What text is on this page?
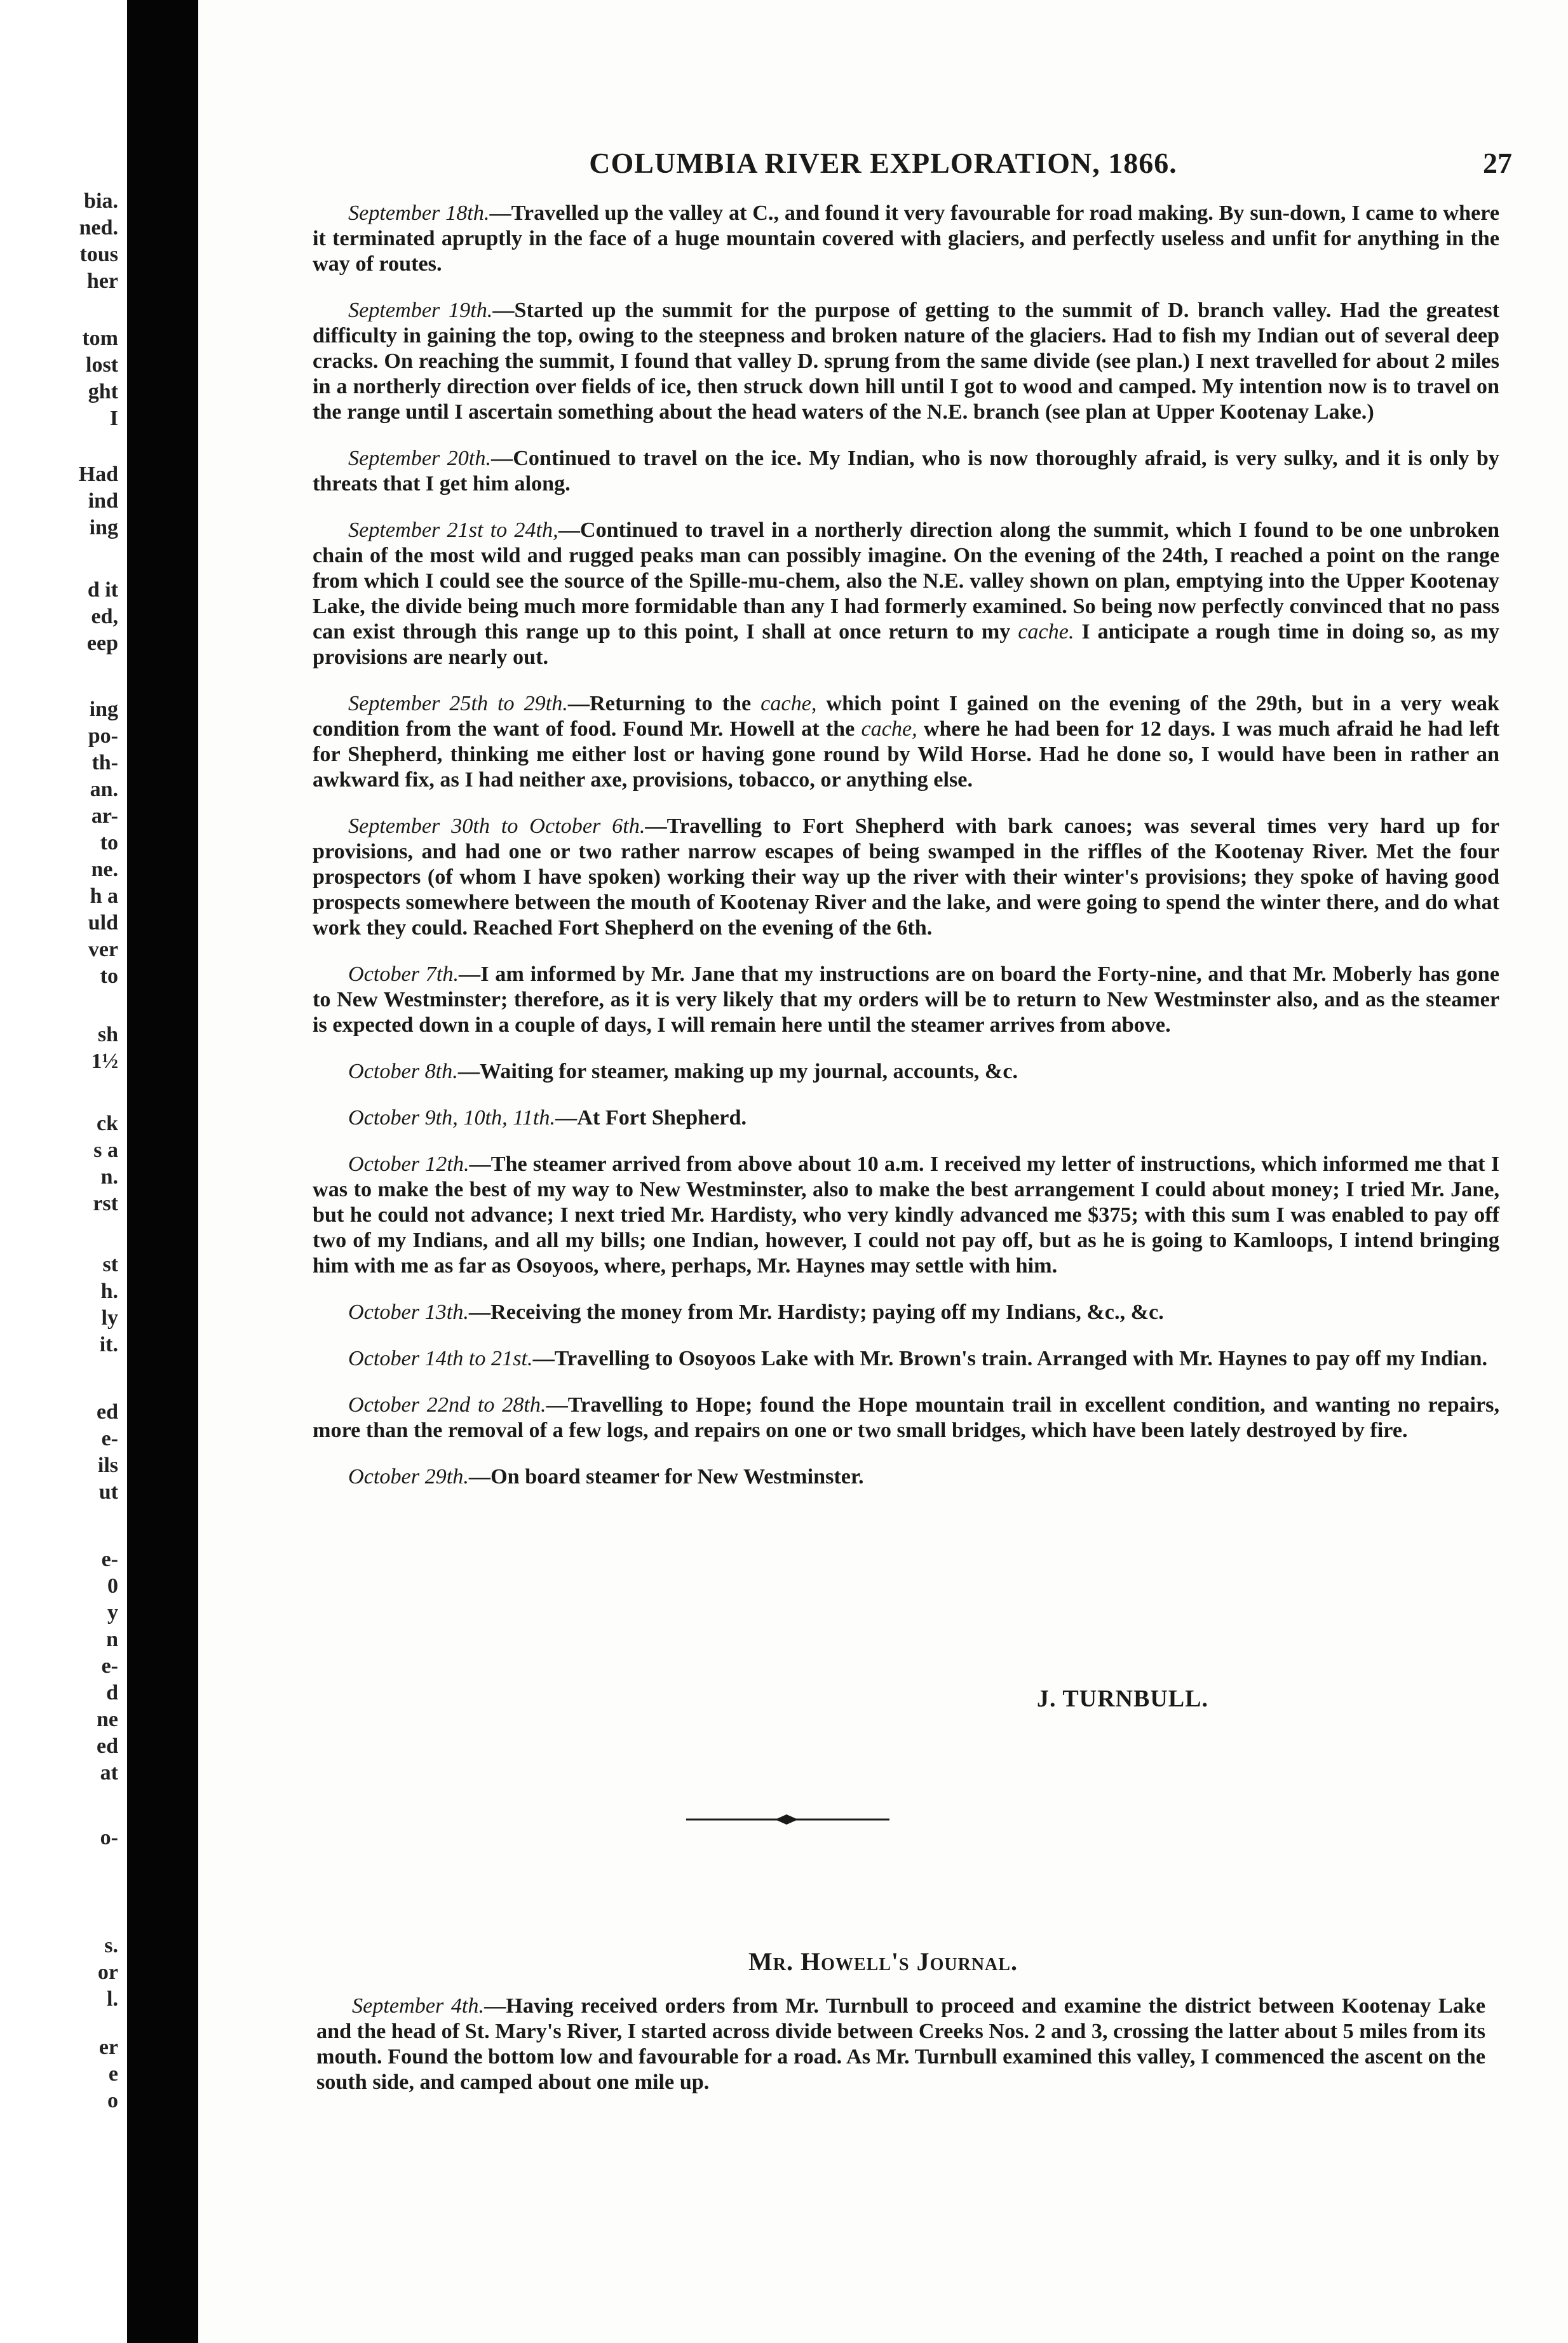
bia.
ned.
tous
her
tom
lost
ght
I
Had
ind
ing
d it
ed,
eep
ing
po-
th-
an.
ar-
to
ne.
h a
uld
ver
to
sh
1½
ck
s a
n.
rst
st
h.
ly
it.
ed
e-
ils
ut
e-
0
y
n
e-
d
ne
ed
at
o-
s.
or
l.
er
e
o
COLUMBIA RIVER EXPLORATION, 1866.	27

September 18th.—Travelled up the valley at C., and found it very favourable for road making. By sun-down, I came to where it terminated apruptly in the face of a huge mountain covered with glaciers, and perfectly useless and unfit for anything in the way of routes.

September 19th.—Started up the summit for the purpose of getting to the summit of D. branch valley. Had the greatest difficulty in gaining the top, owing to the steepness and broken nature of the glaciers. Had to fish my Indian out of several deep cracks. On reaching the summit, I found that valley D. sprung from the same divide (see plan.) I next travelled for about 2 miles in a northerly direction over fields of ice, then struck down hill until I got to wood and camped. My intention now is to travel on the range until I ascertain something about the head waters of the N.E. branch (see plan at Upper Kootenay Lake.)

September 20th.—Continued to travel on the ice. My Indian, who is now thoroughly afraid, is very sulky, and it is only by threats that I get him along.

September 21st to 24th,—Continued to travel in a northerly direction along the summit, which I found to be one unbroken chain of the most wild and rugged peaks man can possibly imagine. On the evening of the 24th, I reached a point on the range from which I could see the source of the Spille-mu-chem, also the N.E. valley shown on plan, emptying into the Upper Kootenay Lake, the divide being much more formidable than any I had formerly examined. So being now perfectly convinced that no pass can exist through this range up to this point, I shall at once return to my cache. I anticipate a rough time in doing so, as my provisions are nearly out.

September 25th to 29th.—Returning to the cache, which point I gained on the evening of the 29th, but in a very weak condition from the want of food. Found Mr. Howell at the cache, where he had been for 12 days. I was much afraid he had left for Shepherd, thinking me either lost or having gone round by Wild Horse. Had he done so, I would have been in rather an awkward fix, as I had neither axe, provisions, tobacco, or anything else.

September 30th to October 6th.—Travelling to Fort Shepherd with bark canoes; was several times very hard up for provisions, and had one or two rather narrow escapes of being swamped in the riffles of the Kootenay River. Met the four prospectors (of whom I have spoken) working their way up the river with their winter's provisions; they spoke of having good prospects somewhere between the mouth of Kootenay River and the lake, and were going to spend the winter there, and do what work they could. Reached Fort Shepherd on the evening of the 6th.

October 7th.—I am informed by Mr. Jane that my instructions are on board the Forty-nine, and that Mr. Moberly has gone to New Westminster; therefore, as it is very likely that my orders will be to return to New Westminster also, and as the steamer is expected down in a couple of days, I will remain here until the steamer arrives from above.

October 8th.—Waiting for steamer, making up my journal, accounts, &c.

October 9th, 10th, 11th.—At Fort Shepherd.

October 12th.—The steamer arrived from above about 10 a.m. I received my letter of instructions, which informed me that I was to make the best of my way to New Westminster, also to make the best arrangement I could about money; I tried Mr. Jane, but he could not advance; I next tried Mr. Hardisty, who very kindly advanced me $375; with this sum I was enabled to pay off two of my Indians, and all my bills; one Indian, however, I could not pay off, but as he is going to Kamloops, I intend bringing him with me as far as Osoyoos, where, perhaps, Mr. Haynes may settle with him.

October 13th.—Receiving the money from Mr. Hardisty; paying off my Indians, &c., &c.

October 14th to 21st.—Travelling to Osoyoos Lake with Mr. Brown's train. Arranged with Mr. Haynes to pay off my Indian.

October 22nd to 28th.—Travelling to Hope; found the Hope mountain trail in excellent condition, and wanting no repairs, more than the removal of a few logs, and repairs on one or two small bridges, which have been lately destroyed by fire.

October 29th.—On board steamer for New Westminster.

J. TURNBULL.
Mr. Howell's Journal.

September 4th.—Having received orders from Mr. Turnbull to proceed and examine the district between Kootenay Lake and the head of St. Mary's River, I started across divide between Creeks Nos. 2 and 3, crossing the latter about 5 miles from its mouth. Found the bottom low and favourable for a road. As Mr. Turnbull examined this valley, I commenced the ascent on the south side, and camped about one mile up.
